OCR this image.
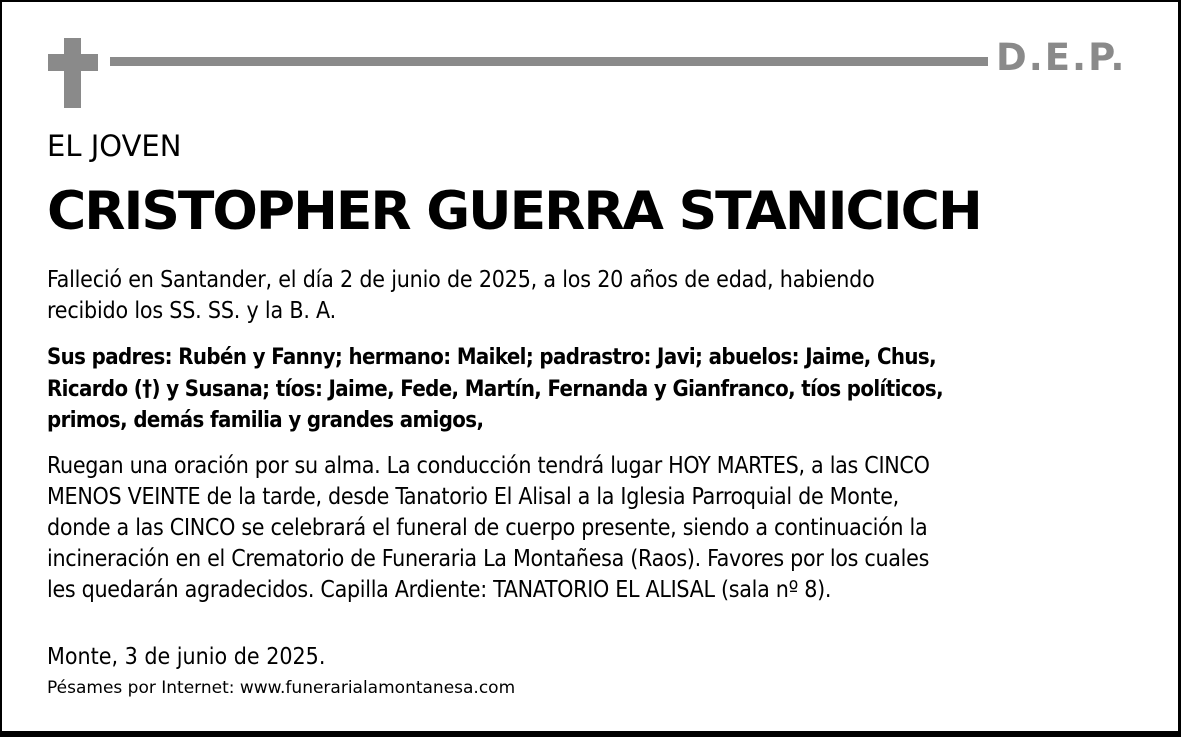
D.E.P.
EL JOVEN
CRISTOPHER GUERRA STANICICH
Falleció en Santander, el día 2 de junio de 2025, a los 20 años de edad, habiendo
recibido los SS. SS. y la B. A.
Sus padres: Rubén y Fanny; hermano: Maikel; padrastro: Javi; abuelos: Jaime, Chus,
Ricardo (†) y Susana; tíos: Jaime, Fede, Martín, Fernanda y Gianfranco, tíos políticos,
primos, demás familia y grandes amigos,
Ruegan una oración por su alma. La conducción tendrá lugar HOY MARTES, a las CINCO
MENOS VEINTE de la tarde, desde Tanatorio El Alisal a la Iglesia Parroquial de Monte,
donde a las CINCO se celebrará el funeral de cuerpo presente, siendo a continuación la
incineración en el Crematorio de Funeraria La Montañesa (Raos). Favores por los cuales
les quedarán agradecidos. Capilla Ardiente: TANATORIO EL ALISAL (sala nº 8).
Monte, 3 de junio de 2025.
Pésames por Internet: www.funerarialamontanesa.com
